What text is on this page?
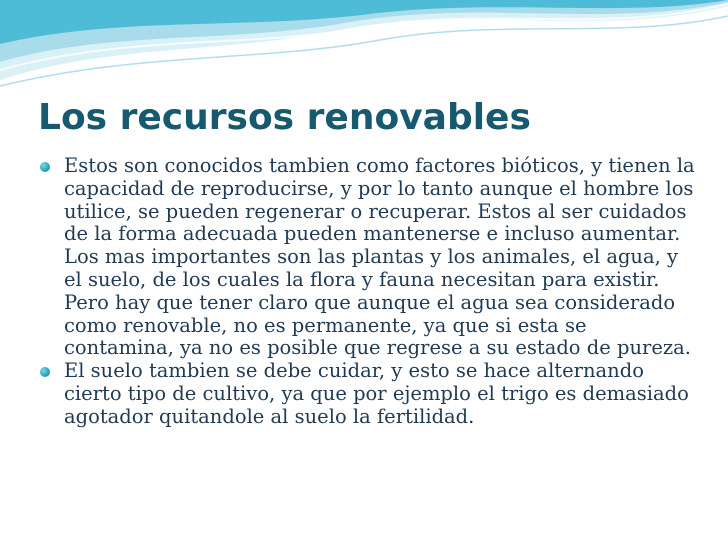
Los recursos renovables
Estos son conocidos tambien como factores bióticos, y tienen la capacidad de reproducirse, y por lo tanto aunque el hombre los utilice, se pueden regenerar o recuperar. Estos al ser cuidados de la forma adecuada pueden mantenerse e incluso aumentar. Los mas importantes son las plantas y los animales, el agua, y el suelo, de los cuales la flora y fauna necesitan para existir. Pero hay que tener claro que aunque el agua sea considerado como renovable, no es permanente, ya que si esta se contamina, ya no es posible que regrese a su estado de pureza.
El suelo tambien se debe cuidar, y esto se hace alternando cierto tipo de cultivo, ya que por ejemplo el trigo es demasiado agotador quitandole al suelo la fertilidad.
